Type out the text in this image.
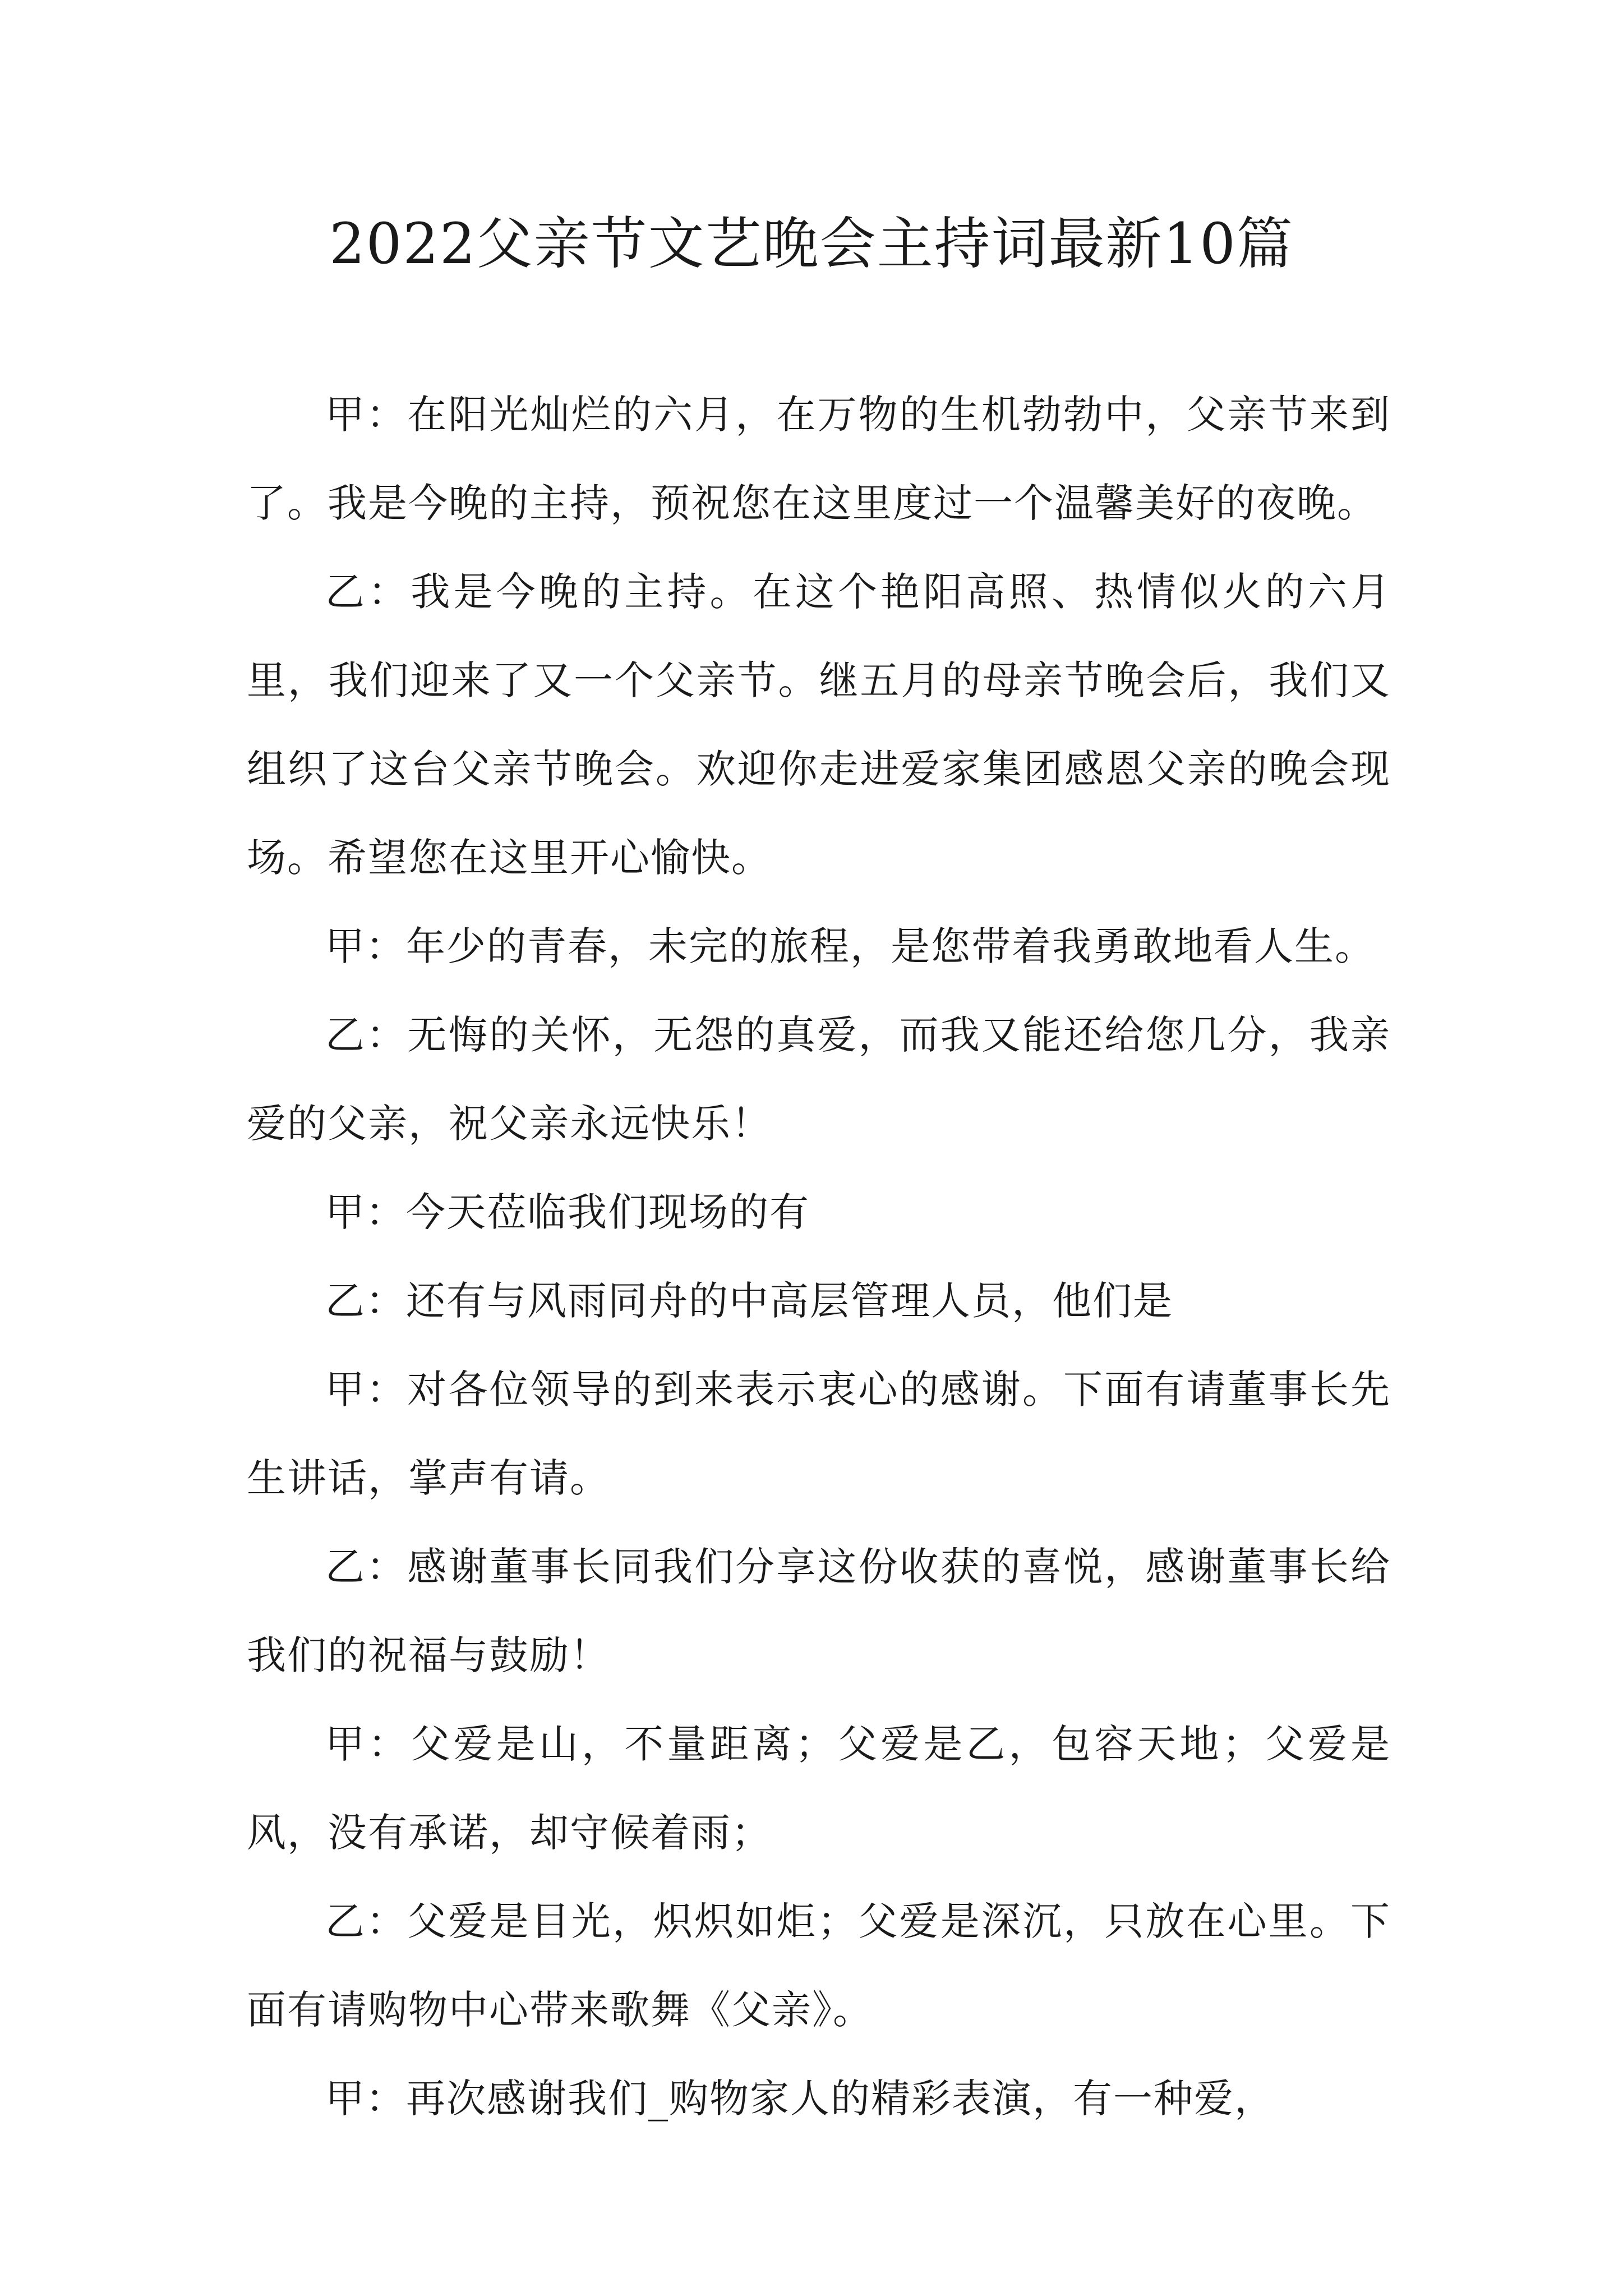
2022父亲节文艺晚会主持词最新10篇

甲：在阳光灿烂的六月，在万物的生机勃勃中，父亲节来到了。我是今晚的主持，预祝您在这里度过一个温馨美好的夜晚。

乙：我是今晚的主持。在这个艳阳高照、热情似火的六月里，我们迎来了又一个父亲节。继五月的母亲节晚会后，我们又组织了这台父亲节晚会。欢迎你走进爱家集团感恩父亲的晚会现场。希望您在这里开心愉快。

甲：年少的青春，未完的旅程，是您带着我勇敢地看人生。

乙：无悔的关怀，无怨的真爱，而我又能还给您几分，我亲爱的父亲，祝父亲永远快乐！

甲：今天莅临我们现场的有

乙：还有与风雨同舟的中高层管理人员，他们是

甲：对各位领导的到来表示衷心的感谢。下面有请董事长先生讲话，掌声有请。

乙：感谢董事长同我们分享这份收获的喜悦，感谢董事长给我们的祝福与鼓励！

甲：父爱是山，不量距离；父爱是乙，包容天地；父爱是风，没有承诺，却守候着雨；

乙：父爱是目光，炽炽如炬；父爱是深沉，只放在心里。下面有请购物中心带来歌舞《父亲》。

甲：再次感谢我们_购物家人的精彩表演，有一种爱，
